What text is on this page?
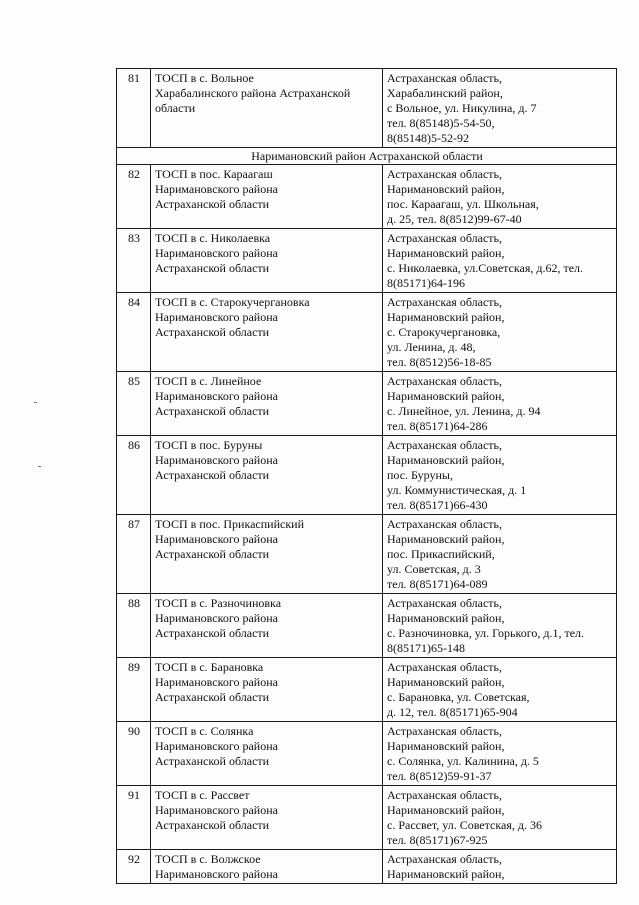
81	ТОСП в с. Вольное
Харабалинского района Астраханской
области	Астраханская область,
Харабалинский район,
с Вольное, ул. Никулина, д. 7
тел. 8(85148)5-54-50,
8(85148)5-52-92

Наримановский район Астраханской области		
82	ТОСП в пос. Караагаш
Наримановского района
Астраханской области	Астраханская область,
Наримановский район,
пос. Караагаш, ул. Школьная,
д. 25, тел. 8(8512)99-67-40

83	ТОСП в с. Николаевка
Наримановского района
Астраханской области	Астраханская область,
Наримановский район,
с. Николаевка, ул.Советская, д.62, тел.
8(85171)64-196

84	ТОСП в с. Старокучергановка
Наримановского района
Астраханской области	Астраханская область,
Наримановский район,
с. Старокучергановка,
ул. Ленина, д. 48,
тел. 8(8512)56-18-85

85	ТОСП в с. Линейное
Наримановского района
Астраханской области	Астраханская область,
Наримановский район,
с. Линейное, ул. Ленина, д. 94
тел. 8(85171)64-286

86	ТОСП в пос. Буруны
Наримановского района
Астраханской области	Астраханская область,
Наримановский район,
пос. Буруны,
ул. Коммунистическая, д. 1
тел. 8(85171)66-430

87	ТОСП в пос. Прикаспийский
Наримановского района
Астраханской области	Астраханская область,
Наримановский район,
пос. Прикаспийский,
ул. Советская, д. 3
тел. 8(85171)64-089

88	ТОСП в с. Разночиновка
Наримановского района
Астраханской области	Астраханская область,
Наримановский район,
с. Разночиновка, ул. Горького, д.1, тел.
8(85171)65-148

89	ТОСП в с. Барановка
Наримановского района
Астраханской области	Астраханская область,
Наримановский район,
с. Барановка, ул. Советская,
д. 12, тел. 8(85171)65-904

90	ТОСП в с. Солянка
Наримановского района
Астраханской области	Астраханская область,
Наримановский район,
с. Солянка, ул. Калинина, д. 5
тел. 8(8512)59-91-37

91	ТОСП в с. Рассвет
Наримановского района
Астраханской области	Астраханская область,
Наримановский район,
с. Рассвет, ул. Советская, д. 36
тел. 8(85171)67-925

92	ТОСП в с. Волжское
Наримановского района	Астраханская область,
Наримановский район,
